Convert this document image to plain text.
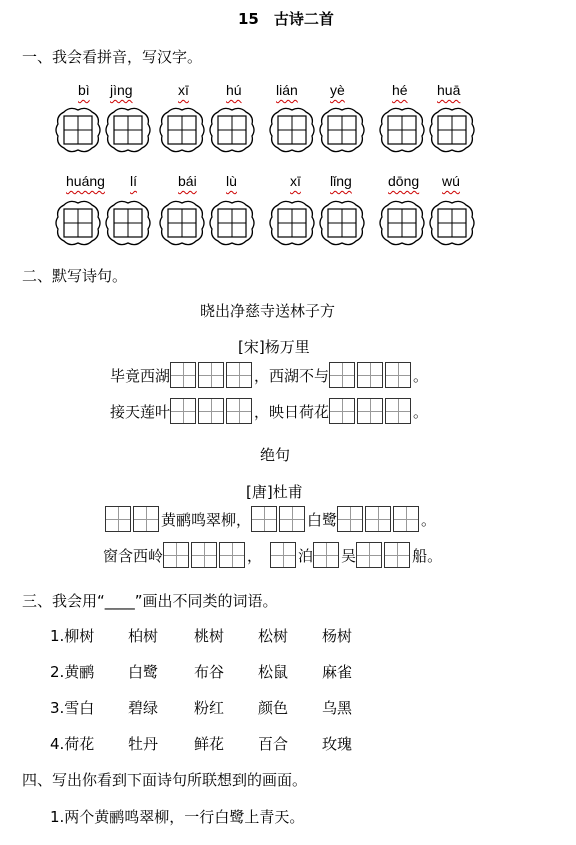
15　古诗二首
一、我会看拼音，写汉字。
bì jìng	xī	hú lián yè	hé huā
huáng lí	bái lù	xī lǐng	dōng wú
二、默写诗句。
晓出净慈寺送林子方
[宋]杨万里
毕竟西湖	，西湖不与	。
接天莲叶	，映日荷花	。
绝句
[唐]杜甫
黄鹂鸣翠柳，	白鹭	。
窗含西岭	， 泊 吴	船。
三、我会用“____”画出不同类的词语。
1.柳树 柏树 桃树 松树 杨树
2.黄鹂 白鹭 布谷 松鼠 麻雀
3.雪白 碧绿 粉红 颜色 乌黑
4.荷花 牡丹 鲜花 百合 玫瑰
四、写出你看到下面诗句所联想到的画面。
1.两个黄鹂鸣翠柳，一行白鹭上青天。
